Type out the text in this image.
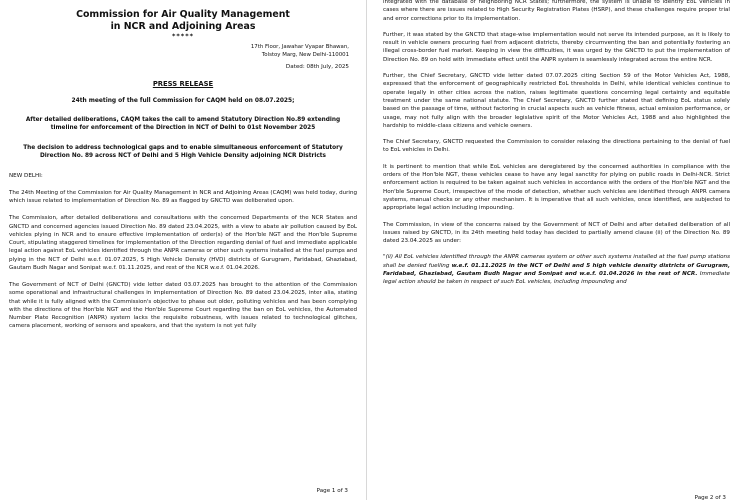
Commission for Air Quality Management
in NCR and Adjoining Areas

*****

17th Floor, Jawahar Vyapar Bhawan,
Tolstoy Marg, New Delhi-110001

Dated: 08th July, 2025

PRESS RELEASE

24th meeting of the full Commission for CAQM held on 08.07.2025;

After detailed deliberations, CAQM takes the call to amend Statutory Direction No.89 extending timeline for enforcement of the Direction in NCT of Delhi to 01st November 2025

The decision to address technological gaps and to enable simultaneous enforcement of Statutory Direction No. 89 across NCT of Delhi and 5 High Vehicle Density adjoining NCR Districts

NEW DELHI:

The 24th Meeting of the Commission for Air Quality Management in NCR and Adjoining Areas (CAQM) was held today, during which issue related to implementation of Direction No. 89 as flagged by GNCTD was deliberated upon.

The Commission, after detailed deliberations and consultations with the concerned Departments of the NCR States and GNCTD and concerned agencies issued Direction No. 89 dated 23.04.2025, with a view to abate air pollution caused by EoL vehicles plying in NCR and to ensure effective implementation of order(s) of the Hon'ble NGT and the Hon'ble Supreme Court, stipulating staggered timelines for implementation of the Direction regarding denial of fuel and immediate applicable legal action against EoL vehicles identified through the ANPR cameras or other such systems installed at the fuel pumps and plying in the NCT of Delhi w.e.f. 01.07.2025, 5 High Vehicle Density (HVD) districts of Gurugram, Faridabad, Ghaziabad, Gautam Budh Nagar and Sonipat w.e.f. 01.11.2025, and rest of the NCR w.e.f. 01.04.2026.

The Government of NCT of Delhi (GNCTD) vide letter dated 03.07.2025 has brought to the attention of the Commission some operational and infrastructural challenges in implementation of Direction No. 89 dated 23.04.2025, inter alia, stating that while it is fully aligned with the Commission's objective to phase out older, polluting vehicles and has been complying with the directions of the Hon'ble NGT and the Hon'ble Supreme Court regarding the ban on EoL vehicles, the Automated Number Plate Recognition (ANPR) system lacks the requisite robustness, with issues related to technological glitches, camera placement, working of sensors and speakers, and that the system is not yet fully

Page 1 of 3

integrated with the database of neighboring NCR States; furthermore, the system is unable to identify EoL vehicles in cases where there are issues related to High Security Registration Plates (HSRP), and these challenges require proper trial and error corrections prior to its implementation.

Further, it was stated by the GNCTD that stage-wise implementation would not serve its intended purpose, as it is likely to result in vehicle owners procuring fuel from adjacent districts, thereby circumventing the ban and potentially fostering an illegal cross-border fuel market. Keeping in view the difficulties, it was urged by the GNCTD to put the implementation of Direction No. 89 on hold with immediate effect until the ANPR system is seamlessly integrated across the entire NCR.

Further, the Chief Secretary, GNCTD vide letter dated 07.07.2025 citing Section 59 of the Motor Vehicles Act, 1988, expressed that the enforcement of geographically restricted EoL thresholds in Delhi, while identical vehicles continue to operate legally in other cities across the nation, raises legitimate questions concerning legal certainty and equitable treatment under the same national statute. The Chief Secretary, GNCTD further stated that defining EoL status solely based on the passage of time, without factoring in crucial aspects such as vehicle fitness, actual emission performance, or usage, may not fully align with the broader legislative spirit of the Motor Vehicles Act, 1988 and also highlighted the hardship to middle-class citizens and vehicle owners.

The Chief Secretary, GNCTD requested the Commission to consider relaxing the directions pertaining to the denial of fuel to EoL vehicles in Delhi.

It is pertinent to mention that while EoL vehicles are deregistered by the concerned authorities in compliance with the orders of the Hon'ble NGT, these vehicles cease to have any legal sanctity for plying on public roads in Delhi-NCR. Strict enforcement action is required to be taken against such vehicles in accordance with the orders of the Hon'ble NGT and the Hon'ble Supreme Court, irrespective of the mode of detection, whether such vehicles are identified through ANPR camera systems, manual checks or any other mechanism. It is imperative that all such vehicles, once identified, are subjected to appropriate legal action including impounding.

The Commission, in view of the concerns raised by the Government of NCT of Delhi and after detailed deliberation of all issues raised by GNCTD, in its 24th meeting held today has decided to partially amend clause (ii) of the Direction No. 89 dated 23.04.2025 as under:

"(ii) All EoL vehicles identified through the ANPR cameras system or other such systems installed at the fuel pump stations shall be denied fuelling w.e.f. 01.11.2025 in the NCT of Delhi and 5 high vehicle density districts of Gurugram, Faridabad, Ghaziabad, Gautam Budh Nagar and Sonipat and w.e.f. 01.04.2026 in the rest of NCR. Immediate legal action should be taken in respect of such EoL vehicles, including impounding and

Page 2 of 3
